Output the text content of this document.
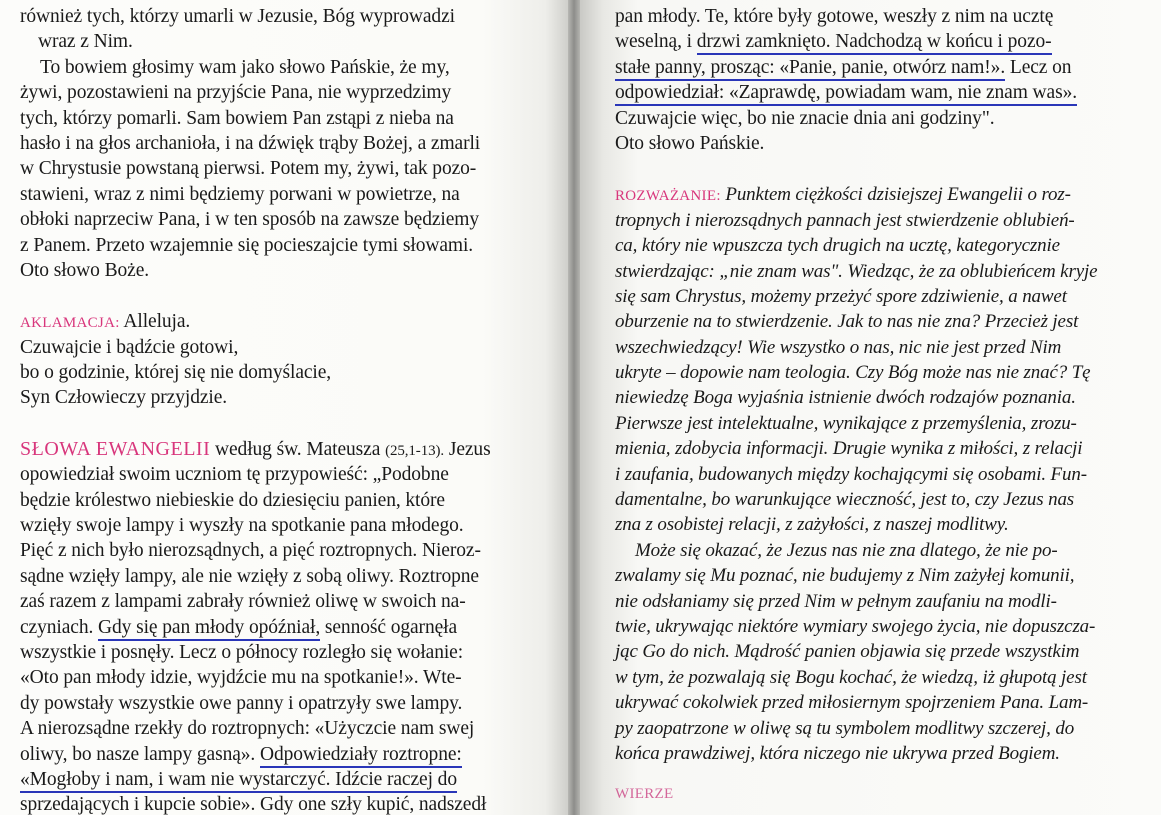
również tych, którzy umarli w Jezusie, Bóg wyprowadzi
wraz z Nim.
To bowiem głosimy wam jako słowo Pańskie, że my,
żywi, pozostawieni na przyjście Pana, nie wyprzedzimy
tych, którzy pomarli. Sam bowiem Pan zstąpi z nieba na
hasło i na głos archanioła, i na dźwięk trąby Bożej, a zmarli
w Chrystusie powstaną pierwsi. Potem my, żywi, tak pozo-
stawieni, wraz z nimi będziemy porwani w powietrze, na
obłoki naprzeciw Pana, i w ten sposób na zawsze będziemy
z Panem. Przeto wzajemnie się pocieszajcie tymi słowami.
Oto słowo Boże.
AKLAMACJA: Alleluja.
Czuwajcie i bądźcie gotowi,
bo o godzinie, której się nie domyślacie,
Syn Człowieczy przyjdzie.
SŁOWA EWANGELII według św. Mateusza (25,1-13). Jezus
opowiedział swoim uczniom tę przypowieść: „Podobne
będzie królestwo niebieskie do dziesięciu panien, które
wzięły swoje lampy i wyszły na spotkanie pana młodego.
Pięć z nich było nierozsądnych, a pięć roztropnych. Nieroz-
sądne wzięły lampy, ale nie wzięły z sobą oliwy. Roztropne
zaś razem z lampami zabrały również oliwę w swoich na-
czyniach. Gdy się pan młody opóźniał, senność ogarnęła
wszystkie i posnęły. Lecz o północy rozległo się wołanie:
«Oto pan młody idzie, wyjdźcie mu na spotkanie!». Wte-
dy powstały wszystkie owe panny i opatrzyły swe lampy.
A nierozsądne rzekły do roztropnych: «Użyczcie nam swej
oliwy, bo nasze lampy gasną». Odpowiedziały roztropne:
«Mogłoby i nam, i wam nie wystarczyć. Idźcie raczej do
sprzedających i kupcie sobie». Gdy one szły kupić, nadszedł
pan młody. Te, które były gotowe, weszły z nim na ucztę
weselną, i drzwi zamknięto. Nadchodzą w końcu i pozo-
stałe panny, prosząc: «Panie, panie, otwórz nam!». Lecz on
odpowiedział: «Zaprawdę, powiadam wam, nie znam was».
Czuwajcie więc, bo nie znacie dnia ani godziny".
Oto słowo Pańskie.
ROZWAŻANIE: Punktem ciężkości dzisiejszej Ewangelii o roz-
tropnych i nierozsądnych pannach jest stwierdzenie oblubień-
ca, który nie wpuszcza tych drugich na ucztę, kategorycznie
stwierdzając: „nie znam was". Wiedząc, że za oblubieńcem kryje
się sam Chrystus, możemy przeżyć spore zdziwienie, a nawet
oburzenie na to stwierdzenie. Jak to nas nie zna? Przecież jest
wszechwiedzący! Wie wszystko o nas, nic nie jest przed Nim
ukryte – dopowie nam teologia. Czy Bóg może nas nie znać? Tę
niewiedzę Boga wyjaśnia istnienie dwóch rodzajów poznania.
Pierwsze jest intelektualne, wynikające z przemyślenia, zrozu-
mienia, zdobycia informacji. Drugie wynika z miłości, z relacji
i zaufania, budowanych między kochającymi się osobami. Fun-
damentalne, bo warunkujące wieczność, jest to, czy Jezus nas
zna z osobistej relacji, z zażyłości, z naszej modlitwy.
Może się okazać, że Jezus nas nie zna dlatego, że nie po-
zwalamy się Mu poznać, nie budujemy z Nim zażyłej komunii,
nie odsłaniamy się przed Nim w pełnym zaufaniu na modli-
twie, ukrywając niektóre wymiary swojego życia, nie dopuszcza-
jąc Go do nich. Mądrość panien objawia się przede wszystkim
w tym, że pozwalają się Bogu kochać, że wiedzą, iż głupotą jest
ukrywać cokolwiek przed miłosiernym spojrzeniem Pana. Lam-
py zaopatrzone w oliwę są tu symbolem modlitwy szczerej, do
końca prawdziwej, która niczego nie ukrywa przed Bogiem.
WIERZE
